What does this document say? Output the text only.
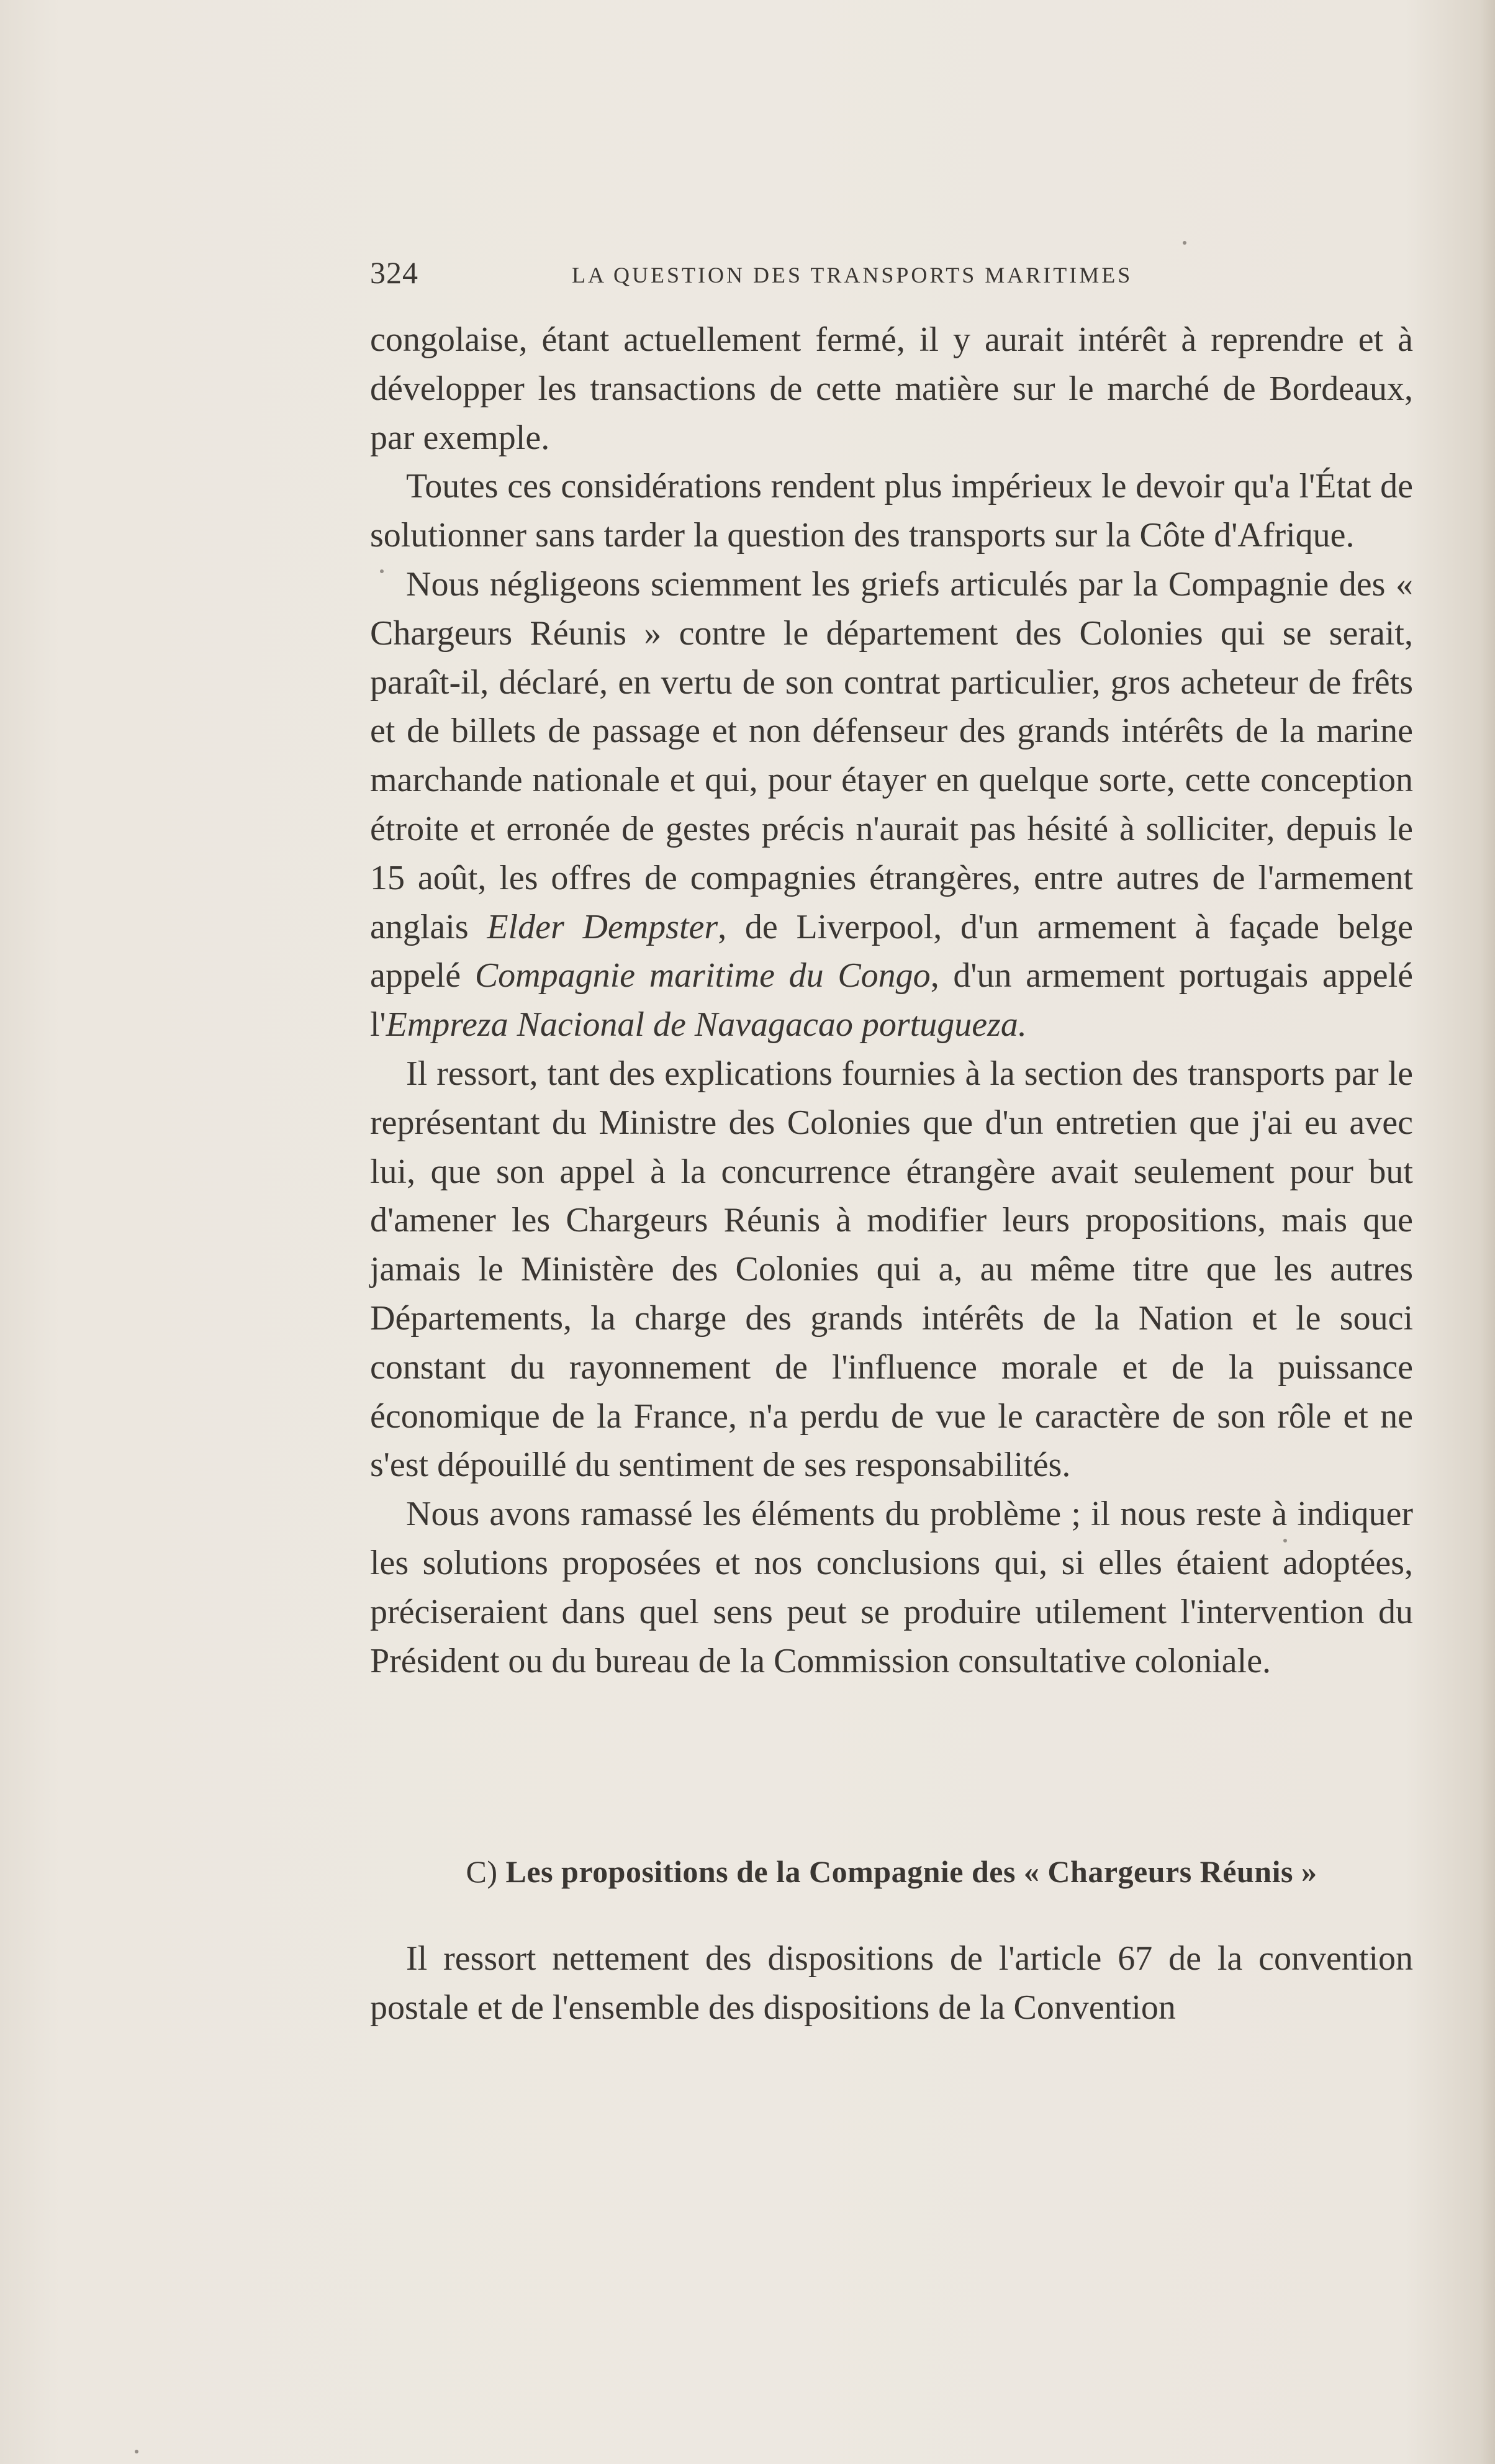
324	LA QUESTION DES TRANSPORTS MARITIMES

congolaise, étant actuellement fermé, il y aurait intérêt à reprendre et à développer les transactions de cette matière sur le marché de Bordeaux, par exemple.

Toutes ces considérations rendent plus impérieux le devoir qu'a l'État de solutionner sans tarder la question des transports sur la Côte d'Afrique.

Nous négligeons sciemment les griefs articulés par la Compagnie des « Chargeurs Réunis » contre le département des Colonies qui se serait, paraît-il, déclaré, en vertu de son contrat particulier, gros acheteur de frêts et de billets de passage et non défenseur des grands intérêts de la marine marchande nationale et qui, pour étayer en quelque sorte, cette conception étroite et erronée de gestes précis n'aurait pas hésité à solliciter, depuis le 15 août, les offres de compagnies étrangères, entre autres de l'armement anglais Elder Dempster, de Liverpool, d'un armement à façade belge appelé Compagnie maritime du Congo, d'un armement portugais appelé l'Empreza Nacional de Navagacao portugueza.

Il ressort, tant des explications fournies à la section des transports par le représentant du Ministre des Colonies que d'un entretien que j'ai eu avec lui, que son appel à la concurrence étrangère avait seulement pour but d'amener les Chargeurs Réunis à modifier leurs propositions, mais que jamais le Ministère des Colonies qui a, au même titre que les autres Départements, la charge des grands intérêts de la Nation et le souci constant du rayonnement de l'influence morale et de la puissance économique de la France, n'a perdu de vue le caractère de son rôle et ne s'est dépouillé du sentiment de ses responsabilités.

Nous avons ramassé les éléments du problème ; il nous reste à indiquer les solutions proposées et nos conclusions qui, si elles étaient adoptées, préciseraient dans quel sens peut se produire utilement l'intervention du Président ou du bureau de la Commission consultative coloniale.

C) Les propositions de la Compagnie des « Chargeurs Réunis »

Il ressort nettement des dispositions de l'article 67 de la convention postale et de l'ensemble des dispositions de la Convention
